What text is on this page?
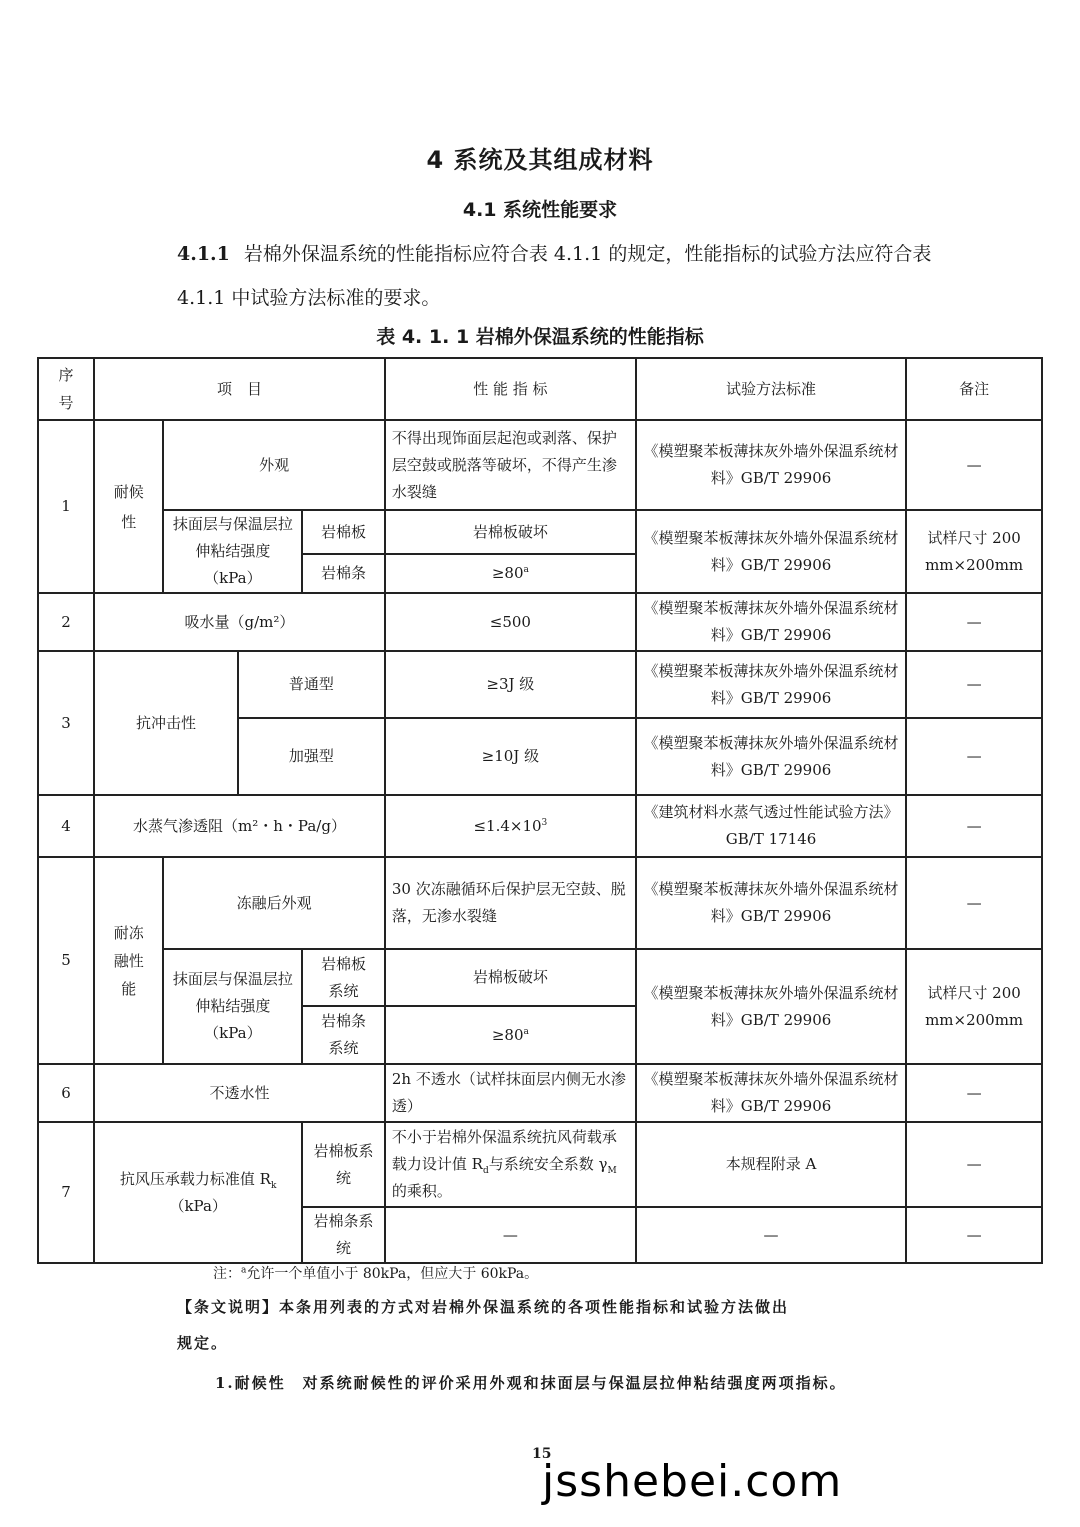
4 系统及其组成材料
4.1 系统性能要求
4.1.1 岩棉外保温系统的性能指标应符合表 4.1.1 的规定，性能指标的试验方法应符合表 4.1.1 中试验方法标准的要求。
表 4. 1. 1 岩棉外保温系统的性能指标
序号	项　目				性 能 指 标	试验方法标准	备注
1	耐候性	外观			不得出现饰面层起泡或剥落、保护层空鼓或脱落等破坏，不得产生渗水裂缝	《模塑聚苯板薄抹灰外墙外保温系统材料》GB/T 29906	—
		抹面层与保温层拉伸粘结强度（kPa）		岩棉板	岩棉板破坏	《模塑聚苯板薄抹灰外墙外保温系统材料》GB/T 29906	试样尺寸 200 mm×200mm
				岩棉条	$\ge 80^a$
2	吸水量（g/m²）				≤500	《模塑聚苯板薄抹灰外墙外保温系统材料》GB/T 29906	—
3	抗冲击性		普通型		≥3J 级	《模塑聚苯板薄抹灰外墙外保温系统材料》GB/T 29906	—
			加强型		≥10J 级	《模塑聚苯板薄抹灰外墙外保温系统材料》GB/T 29906	—
4	水蒸气渗透阻（m²・h・Pa/g）				$\le 1.4\times 10^3$	《建筑材料水蒸气透过性能试验方法》GB/T 17146	—
5	耐冻融性能	冻融后外观			30 次冻融循环后保护层无空鼓、脱落，无渗水裂缝	《模塑聚苯板薄抹灰外墙外保温系统材料》GB/T 29906	—
		抹面层与保温层拉伸粘结强度（kPa）		岩棉板系统	岩棉板破坏	《模塑聚苯板薄抹灰外墙外保温系统材料》GB/T 29906	试样尺寸 200 mm×200mm
				岩棉条系统	$\ge 80^a$
6	不透水性				2h 不透水（试样抹面层内侧无水渗透）	《模塑聚苯板薄抹灰外墙外保温系统材料》GB/T 29906	—
7	抗风压承载力标准值 $R_k$
（kPa）			岩棉板系统	不小于岩棉外保温系统抗风荷载承载力设计值 $R_d$与系统安全系数 $\gamma_M$ 的乘积。	本规程附录 A	—
				岩棉条系统	—	—	—
注：$^a$允许一个单值小于 80kPa，但应大于 60kPa。

【条文说明】本条用列表的方式对岩棉外保温系统的各项性能指标和试验方法做出

规定。

1.耐候性　对系统耐候性的评价采用外观和抹面层与保温层拉伸粘结强度两项指标。

15
jsshebei.com
